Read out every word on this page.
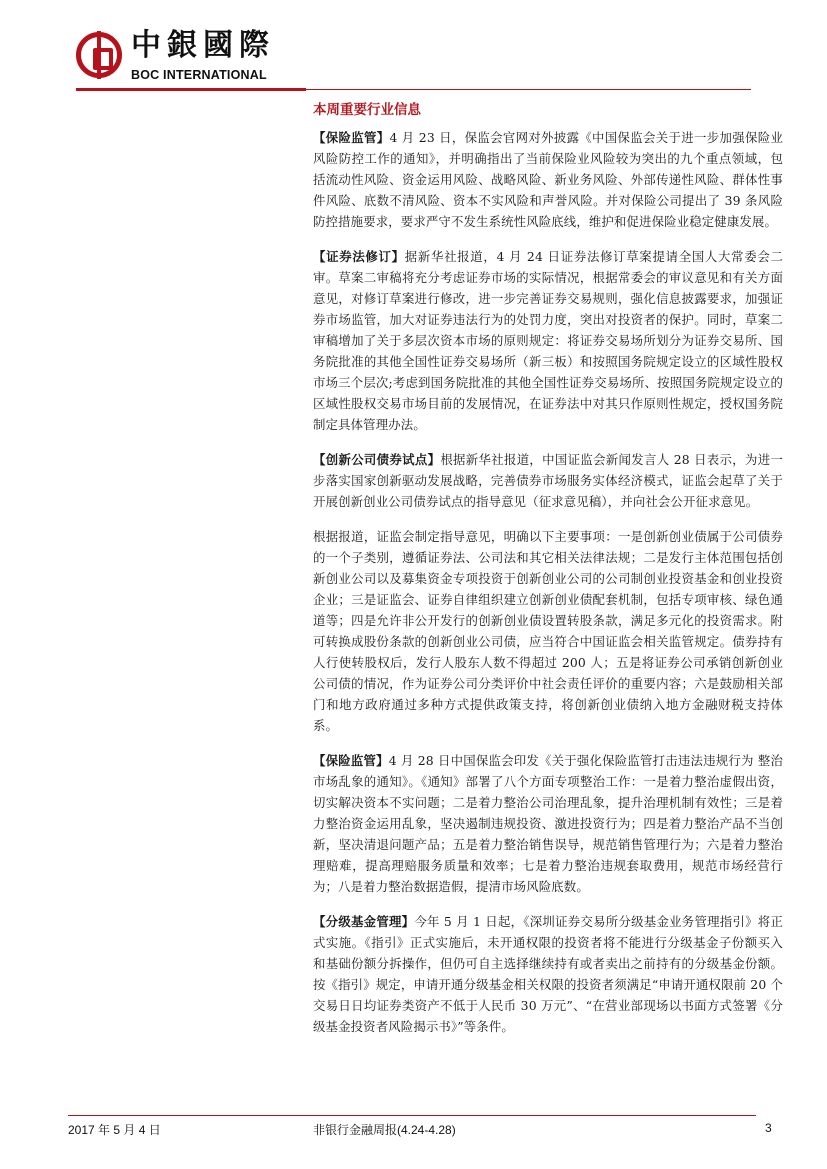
中銀國際
BOC INTERNATIONAL
本周重要行业信息

【保险监管】4 月 23 日，保监会官网对外披露《中国保监会关于进一步加强保险业风险防控工作的通知》，并明确指出了当前保险业风险较为突出的九个重点领域，包括流动性风险、资金运用风险、战略风险、新业务风险、外部传递性风险、群体性事件风险、底数不清风险、资本不实风险和声誉风险。并对保险公司提出了 39 条风险防控措施要求，要求严守不发生系统性风险底线，维护和促进保险业稳定健康发展。

【证券法修订】据新华社报道，4 月 24 日证券法修订草案提请全国人大常委会二审。草案二审稿将充分考虑证券市场的实际情况，根据常委会的审议意见和有关方面意见，对修订草案进行修改，进一步完善证券交易规则，强化信息披露要求，加强证券市场监管，加大对证券违法行为的处罚力度，突出对投资者的保护。同时，草案二审稿增加了关于多层次资本市场的原则规定：将证券交易场所划分为证券交易所、国务院批准的其他全国性证券交易场所（新三板）和按照国务院规定设立的区域性股权市场三个层次;考虑到国务院批准的其他全国性证券交易场所、按照国务院规定设立的区域性股权交易市场目前的发展情况，在证券法中对其只作原则性规定，授权国务院制定具体管理办法。

【创新公司债券试点】根据新华社报道，中国证监会新闻发言人 28 日表示，为进一步落实国家创新驱动发展战略，完善债券市场服务实体经济模式，证监会起草了关于开展创新创业公司债券试点的指导意见（征求意见稿），并向社会公开征求意见。

根据报道，证监会制定指导意见，明确以下主要事项：一是创新创业债属于公司债券的一个子类别，遵循证券法、公司法和其它相关法律法规；二是发行主体范围包括创新创业公司以及募集资金专项投资于创新创业公司的公司制创业投资基金和创业投资企业；三是证监会、证券自律组织建立创新创业债配套机制，包括专项审核、绿色通道等；四是允许非公开发行的创新创业债设置转股条款，满足多元化的投资需求。附可转换成股份条款的创新创业公司债，应当符合中国证监会相关监管规定。债券持有人行使转股权后，发行人股东人数不得超过 200 人；五是将证券公司承销创新创业公司债的情况，作为证券公司分类评价中社会责任评价的重要内容；六是鼓励相关部门和地方政府通过多种方式提供政策支持，将创新创业债纳入地方金融财税支持体系。

【保险监管】4 月 28 日中国保监会印发《关于强化保险监管打击违法违规行为 整治市场乱象的通知》。《通知》部署了八个方面专项整治工作：一是着力整治虚假出资，切实解决资本不实问题；二是着力整治公司治理乱象，提升治理机制有效性；三是着力整治资金运用乱象，坚决遏制违规投资、激进投资行为；四是着力整治产品不当创新，坚决清退问题产品；五是着力整治销售误导，规范销售管理行为；六是着力整治理赔难，提高理赔服务质量和效率；七是着力整治违规套取费用，规范市场经营行为；八是着力整治数据造假，提清市场风险底数。

【分级基金管理】今年 5 月 1 日起，《深圳证券交易所分级基金业务管理指引》将正式实施。《指引》正式实施后，未开通权限的投资者将不能进行分级基金子份额买入和基础份额分拆操作，但仍可自主选择继续持有或者卖出之前持有的分级基金份额。按《指引》规定，申请开通分级基金相关权限的投资者须满足“申请开通权限前 20 个交易日日均证券类资产不低于人民币 30 万元”、“在营业部现场以书面方式签署《分级基金投资者风险揭示书》”等条件。

2017 年 5 月 4 日	非银行金融周报(4.24-4.28)	3
